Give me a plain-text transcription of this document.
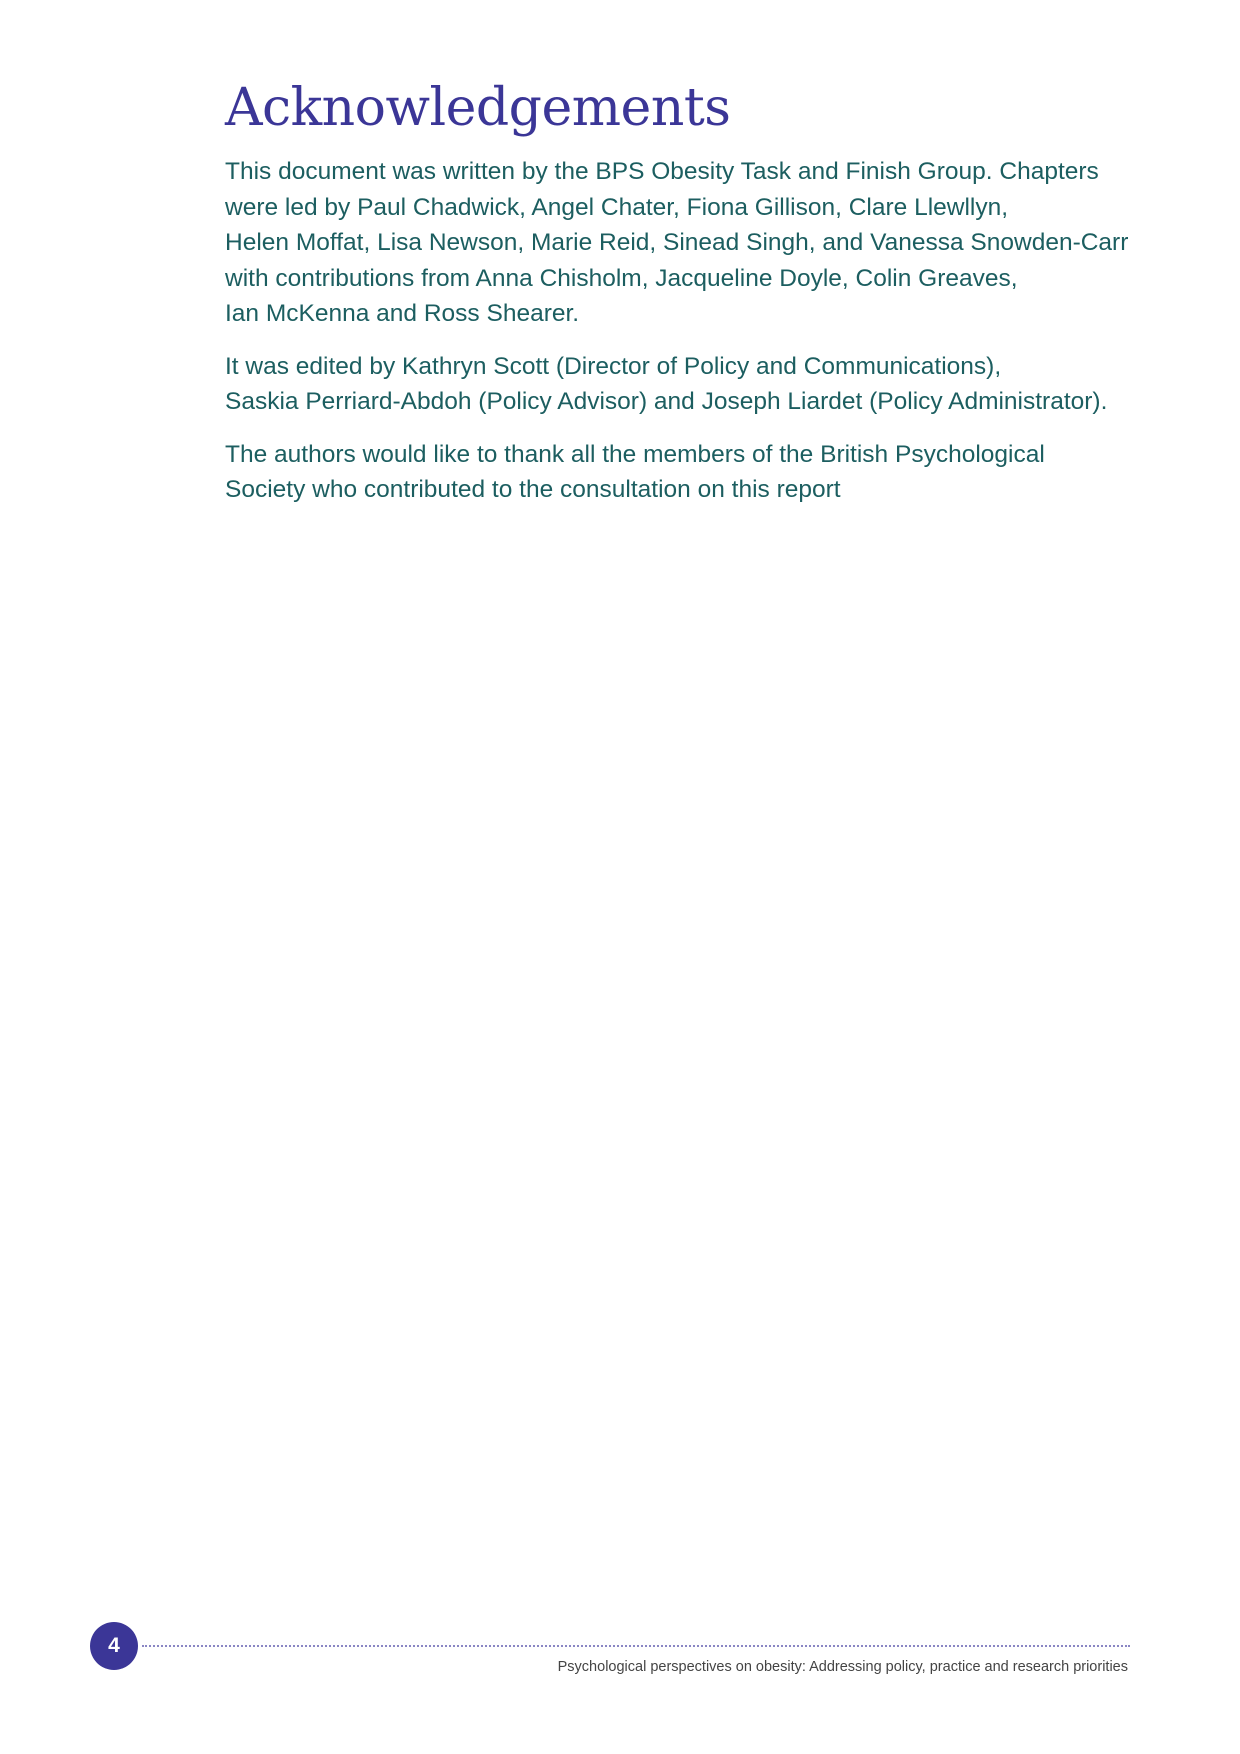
Acknowledgements

This document was written by the BPS Obesity Task and Finish Group. Chapters
were led by Paul Chadwick, Angel Chater, Fiona Gillison, Clare Llewllyn,
Helen Moffat, Lisa Newson, Marie Reid, Sinead Singh, and Vanessa Snowden-Carr
with contributions from Anna Chisholm, Jacqueline Doyle, Colin Greaves,
Ian McKenna and Ross Shearer.

It was edited by Kathryn Scott (Director of Policy and Communications),
Saskia Perriard-Abdoh (Policy Advisor) and Joseph Liardet (Policy Administrator).

The authors would like to thank all the members of the British Psychological
Society who contributed to the consultation on this report

4
Psychological perspectives on obesity: Addressing policy, practice and research priorities
